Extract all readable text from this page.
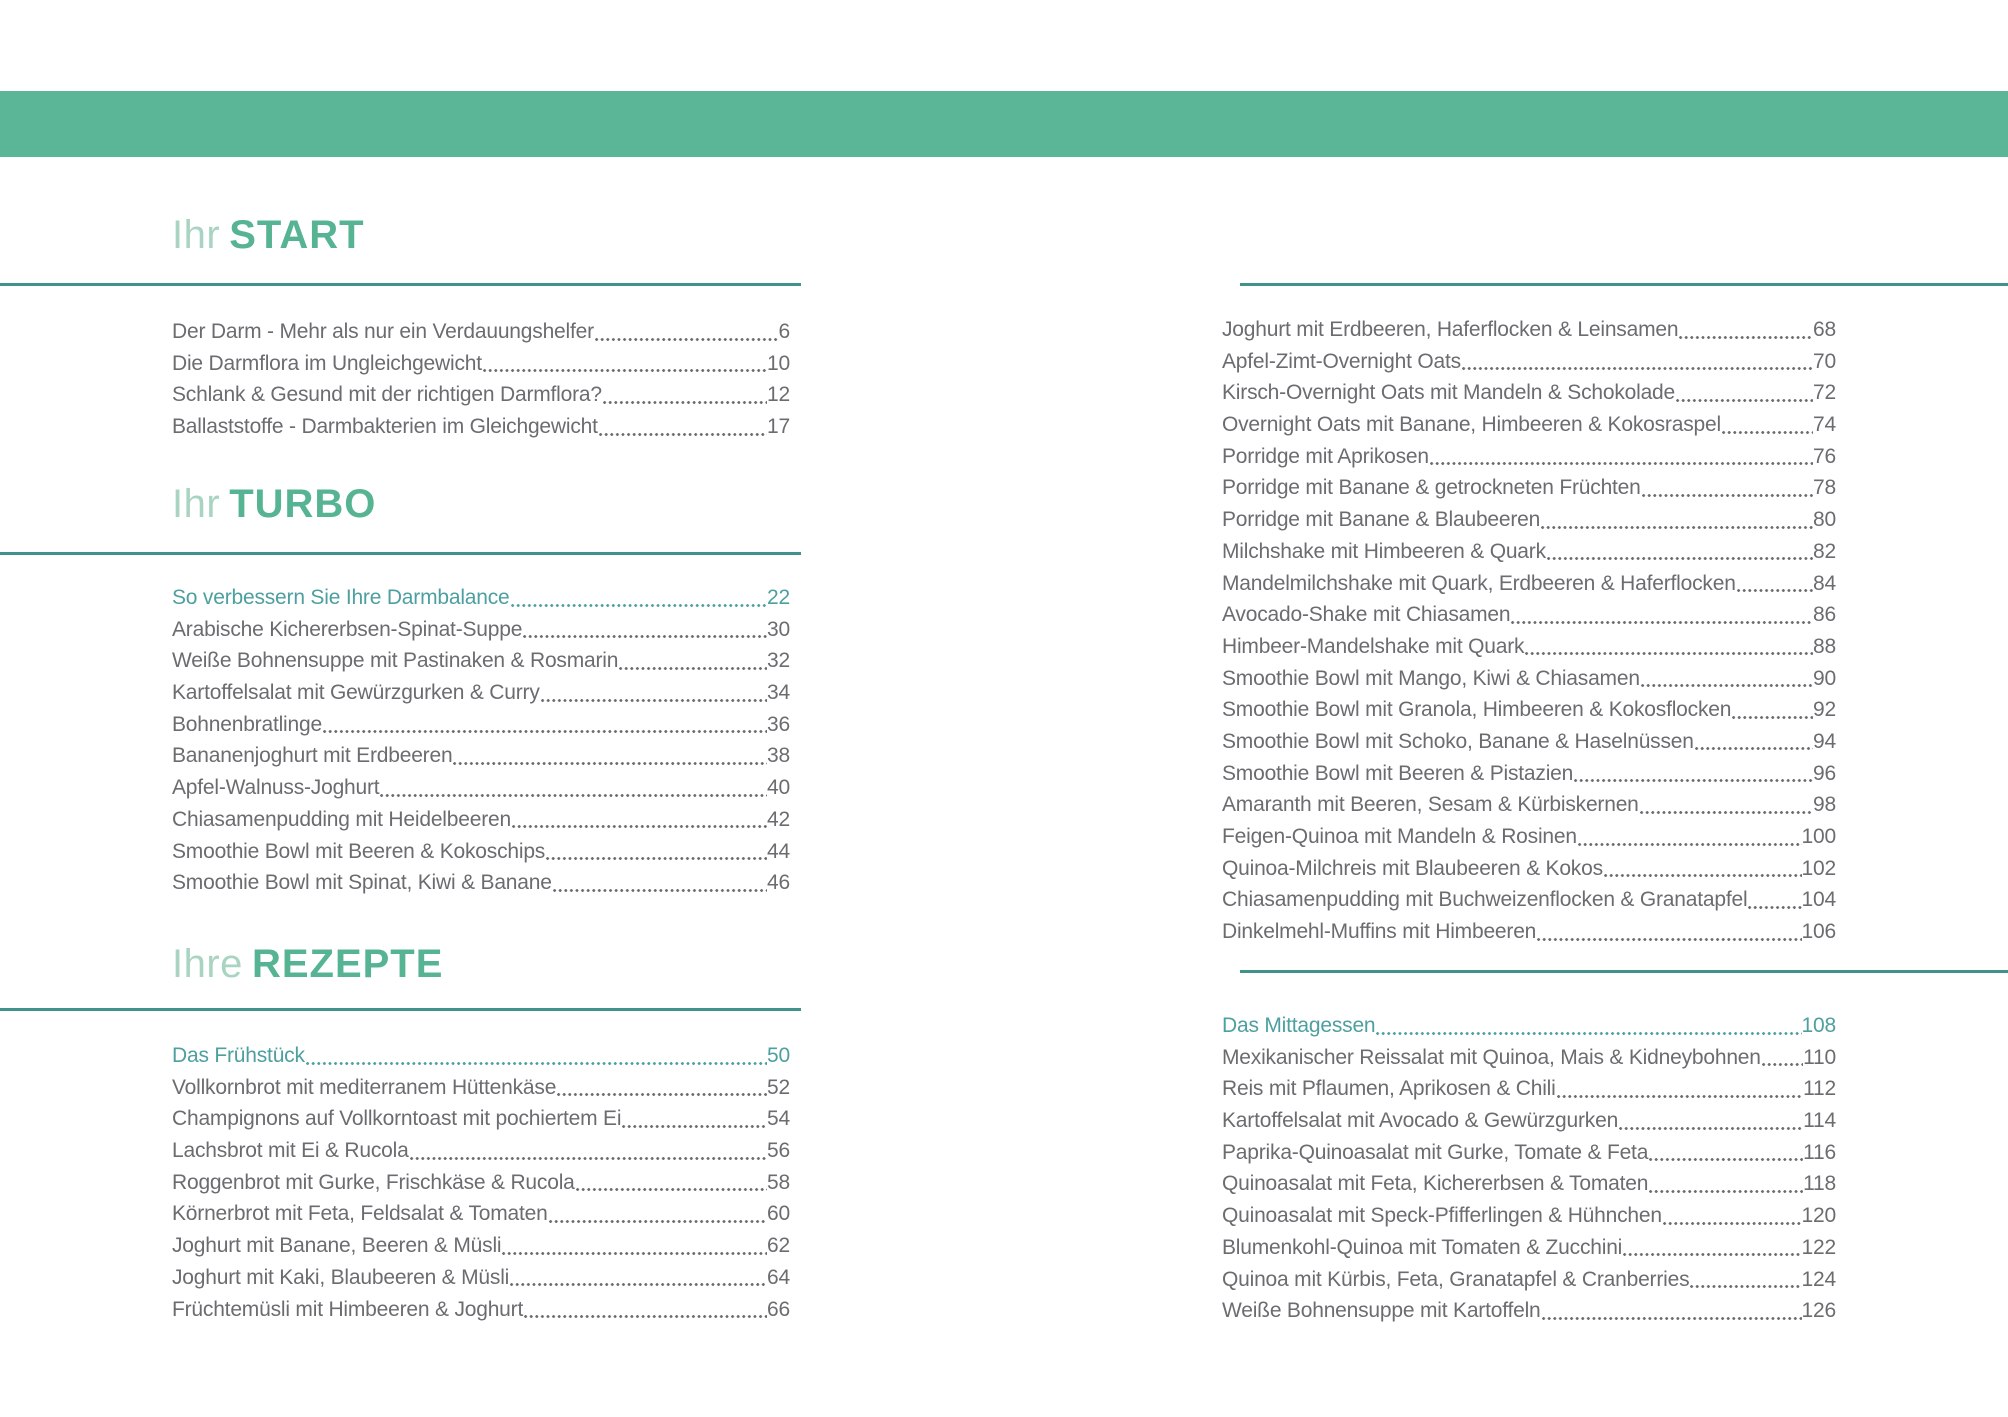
Ihr START
Ihr TURBO
Ihre REZEPTE
Der Darm - Mehr als nur ein Verdauungshelfer	6
Die Darmflora im Ungleichgewicht	10
Schlank & Gesund mit der richtigen Darmflora?	12
Ballaststoffe - Darmbakterien im Gleichgewicht	17
So verbessern Sie Ihre Darmbalance	22
Arabische Kichererbsen-Spinat-Suppe	30
Weiße Bohnensuppe mit Pastinaken & Rosmarin	32
Kartoffelsalat mit Gewürzgurken & Curry	34
Bohnenbratlinge	36
Bananenjoghurt mit Erdbeeren	38
Apfel-Walnuss-Joghurt	40
Chiasamenpudding mit Heidelbeeren	42
Smoothie Bowl mit Beeren & Kokoschips	44
Smoothie Bowl mit Spinat, Kiwi & Banane	46
Das Frühstück	50
Vollkornbrot mit mediterranem Hüttenkäse	52
Champignons auf Vollkorntoast mit pochiertem Ei	54
Lachsbrot mit Ei & Rucola	56
Roggenbrot mit Gurke, Frischkäse & Rucola	58
Körnerbrot mit Feta, Feldsalat & Tomaten	60
Joghurt mit Banane, Beeren & Müsli	62
Joghurt mit Kaki, Blaubeeren & Müsli	64
Früchtemüsli mit Himbeeren & Joghurt	66
Joghurt mit Erdbeeren, Haferflocken & Leinsamen	68
Apfel-Zimt-Overnight Oats	70
Kirsch-Overnight Oats mit Mandeln & Schokolade	72
Overnight Oats mit Banane, Himbeeren & Kokosraspel	74
Porridge mit Aprikosen	76
Porridge mit Banane & getrockneten Früchten	78
Porridge mit Banane & Blaubeeren	80
Milchshake mit Himbeeren & Quark	82
Mandelmilchshake mit Quark, Erdbeeren & Haferflocken	84
Avocado-Shake mit Chiasamen	86
Himbeer-Mandelshake mit Quark	88
Smoothie Bowl mit Mango, Kiwi & Chiasamen	90
Smoothie Bowl mit Granola, Himbeeren & Kokosflocken	92
Smoothie Bowl mit Schoko, Banane & Haselnüssen	94
Smoothie Bowl mit Beeren & Pistazien	96
Amaranth mit Beeren, Sesam & Kürbiskernen	98
Feigen-Quinoa mit Mandeln & Rosinen	100
Quinoa-Milchreis mit Blaubeeren & Kokos	102
Chiasamenpudding mit Buchweizenflocken & Granatapfel	104
Dinkelmehl-Muffins mit Himbeeren	106
Das Mittagessen	108
Mexikanischer Reissalat mit Quinoa, Mais & Kidneybohnen 110
Reis mit Pflaumen, Aprikosen & Chili	112
Kartoffelsalat mit Avocado & Gewürzgurken	114
Paprika-Quinoasalat mit Gurke, Tomate & Feta	116
Quinoasalat mit Feta, Kichererbsen & Tomaten	118
Quinoasalat mit Speck-Pfifferlingen & Hühnchen	120
Blumenkohl-Quinoa mit Tomaten & Zucchini	122
Quinoa mit Kürbis, Feta, Granatapfel & Cranberries	124
Weiße Bohnensuppe mit Kartoffeln	126
